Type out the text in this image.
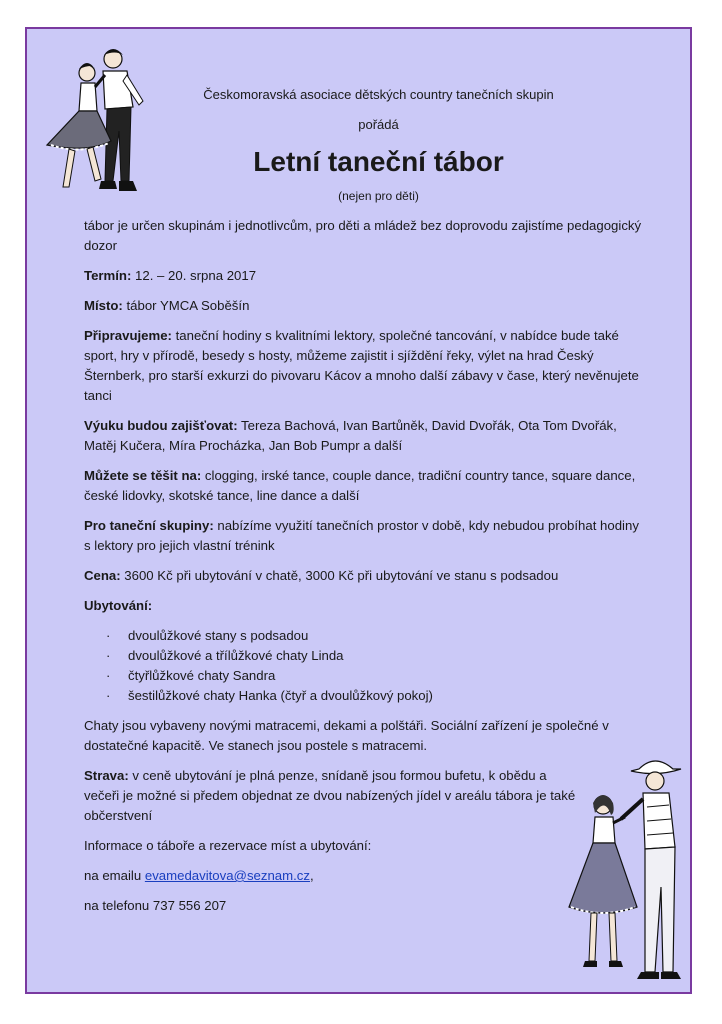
Českomoravská asociace dětských country tanečních skupin
pořádá
Letní taneční tábor
(nejen pro děti)

tábor je určen skupinám i jednotlivcům, pro děti a mládež bez doprovodu zajistíme pedagogický dozor

Termín: 12. – 20. srpna 2017

Místo: tábor YMCA Soběšín

Připravujeme: taneční hodiny s kvalitními lektory, společné tancování, v nabídce bude také sport, hry v přírodě, besedy s hosty, můžeme zajistit i sjíždění řeky, výlet na hrad Český Šternberk, pro starší exkurzi do pivovaru Kácov a mnoho další zábavy v čase, který nevěnujete tanci

Výuku budou zajišťovat: Tereza Bachová, Ivan Bartůněk, David Dvořák, Ota Tom Dvořák, Matěj Kučera, Míra Procházka, Jan Bob Pumpr a další

Můžete se těšit na: clogging, irské tance, couple dance, tradiční country tance, square dance, české lidovky, skotské tance, line dance a další

Pro taneční skupiny: nabízíme využití tanečních prostor v době, kdy nebudou probíhat hodiny s lektory pro jejich vlastní trénink

Cena: 3600 Kč při ubytování v chatě, 3000 Kč při ubytování ve stanu s podsadou

Ubytování:

· dvoulůžkové stany s podsadou
· dvoulůžkové a třílůžkové chaty Linda
· čtyřlůžkové chaty Sandra
· šestilůžkové chaty Hanka (čtyř a dvoulůžkový pokoj)

Chaty jsou vybaveny novými matracemi, dekami a polštáři. Sociální zařízení je společné v dostatečné kapacitě. Ve stanech jsou postele s matracemi.

Strava: v ceně ubytování je plná penze, snídaně jsou formou bufetu, k obědu a večeři je možné si předem objednat ze dvou nabízených jídel v areálu tábora je také občerstvení

Informace o táboře a rezervace míst a ubytování:

na emailu evamedavitova@seznam.cz,

na telefonu 737 556 207
